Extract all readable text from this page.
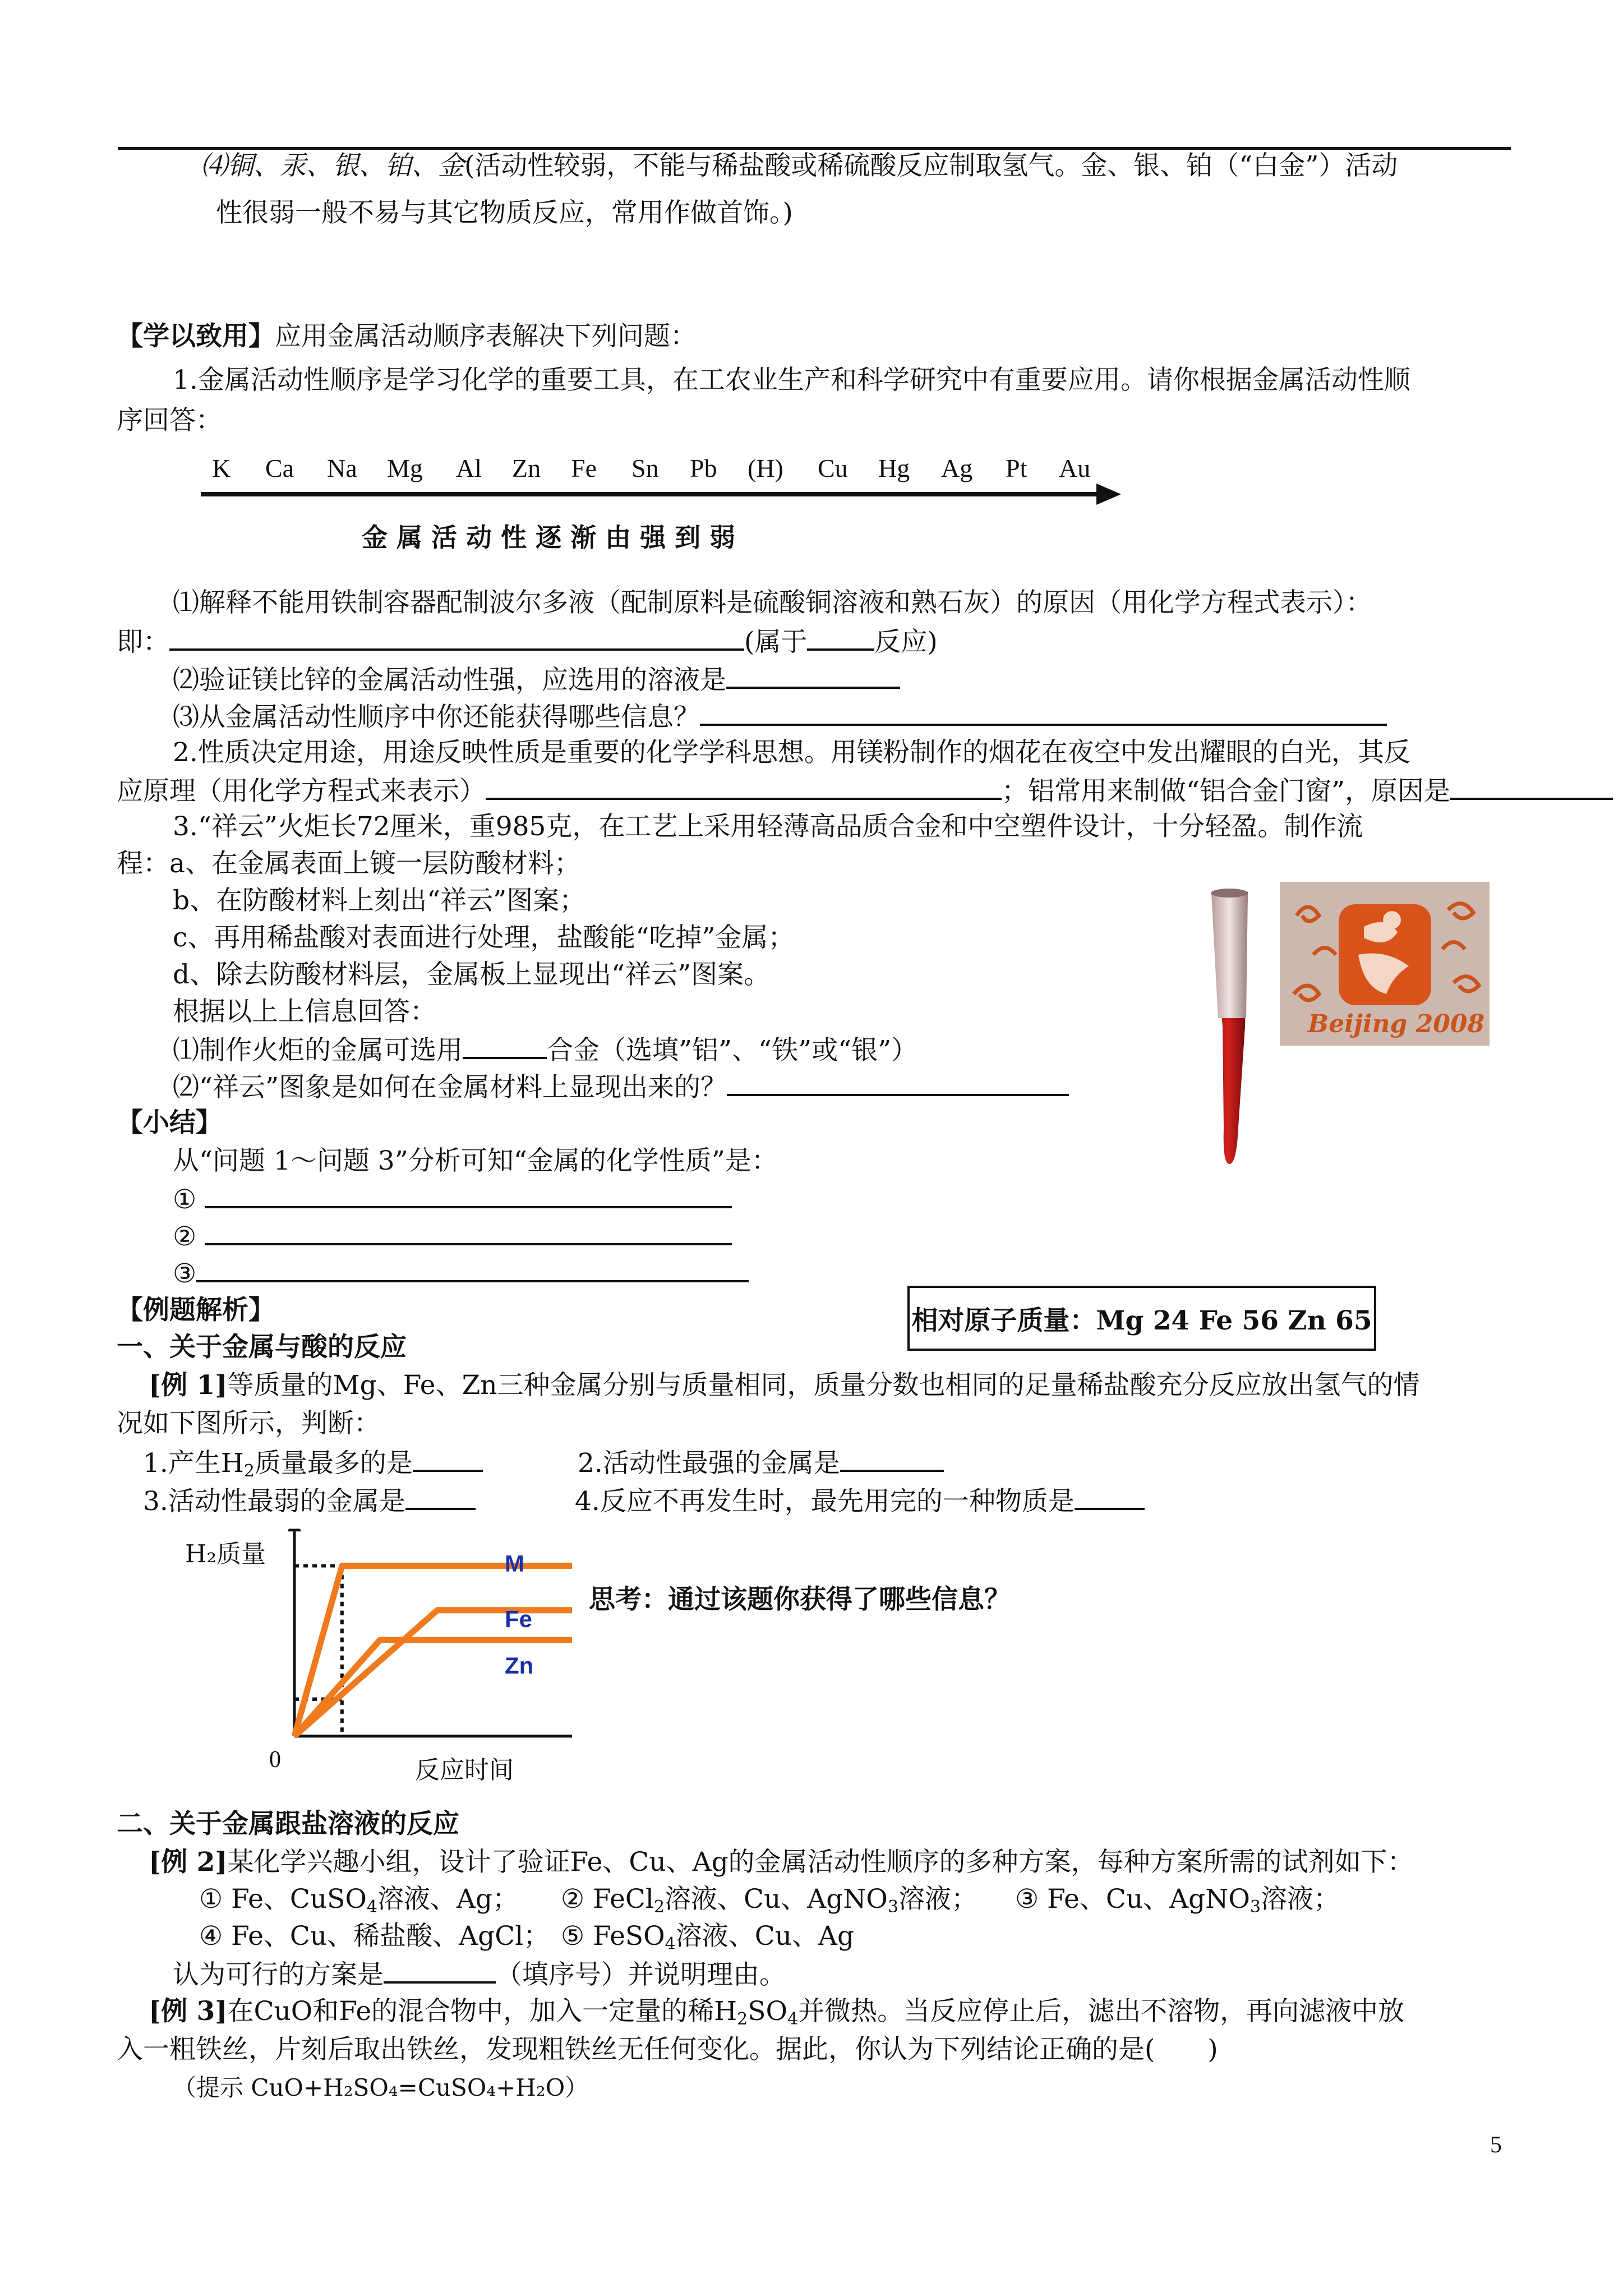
⑷铜、汞、银、铂、金(活动性较弱，不能与稀盐酸或稀硫酸反应制取氢气。金、银、铂（“白金”）活动
性很弱一般不易与其它物质反应，常用作做首饰。)
【学以致用】应用金属活动顺序表解决下列问题：
1.金属活动性顺序是学习化学的重要工具，在工农业生产和科学研究中有重要应用。请你根据金属活动性顺
序回答：
K Ca Na Mg Al Zn Fe Sn Pb (H) Cu Hg Ag Pt Au
金 属 活 动 性 逐 渐 由 强 到 弱
⑴解释不能用铁制容器配制波尔多液（配制原料是硫酸铜溶液和熟石灰）的原因（用化学方程式表示）：
即：	(属于	反应)
⑵验证镁比锌的金属活动性强，应选用的溶液是
⑶从金属活动性顺序中你还能获得哪些信息？
2.性质决定用途，用途反映性质是重要的化学学科思想。用镁粉制作的烟花在夜空中发出耀眼的白光，其反
应原理（用化学方程式来表示）	；铝常用来制做“铝合金门窗”，原因是
3.“祥云”火炬长72厘米，重985克，在工艺上采用轻薄高品质合金和中空塑件设计，十分轻盈。制作流
程：a、在金属表面上镀一层防酸材料；
b、在防酸材料上刻出“祥云”图案；
c、再用稀盐酸对表面进行处理，盐酸能“吃掉”金属；
d、除去防酸材料层，金属板上显现出“祥云”图案。
根据以上上信息回答：
⑴制作火炬的金属可选用	合金（选填”铝”、“铁”或“银”）
⑵“祥云”图象是如何在金属材料上显现出来的？
Beijing 2008
【小结】
从“问题 1～问题 3”分析可知“金属的化学性质”是：
①
②
③
【例题解析】	相对原子质量：Mg 24 Fe 56 Zn 65
一、关于金属与酸的反应
[例 1]等质量的Mg、Fe、Zn三种金属分别与质量相同，质量分数也相同的足量稀盐酸充分反应放出氢气的情
况如下图所示，判断：
1.产生$H_2$质量最多的是	2.活动性最强的金属是
3.活动性最弱的金属是	4.反应不再发生时，最先用完的一种物质是
M
Fe
Zn
H₂质量
反应时间
0
思考：通过该题你获得了哪些信息？
二、关于金属跟盐溶液的反应
[例 2]某化学兴趣小组，设计了验证Fe、Cu、Ag的金属活动性顺序的多种方案，每种方案所需的试剂如下：
① Fe、CuSO$_4$溶液、Ag； ② FeCl$_2$溶液、Cu、AgNO$_3$溶液； ③ Fe、Cu、AgNO$_3$溶液；
④ Fe、Cu、稀盐酸、AgCl； ⑤ FeSO$_4$溶液、Cu、Ag
认为可行的方案是	（填序号）并说明理由。
[例 3]在CuO和Fe的混合物中，加入一定量的稀$H_2SO_4$并微热。当反应停止后，滤出不溶物，再向滤液中放
入一粗铁丝，片刻后取出铁丝，发现粗铁丝无任何变化。据此，你认为下列结论正确的是(　　)
（提示 CuO+H₂SO₄=CuSO₄+H₂O）
5
